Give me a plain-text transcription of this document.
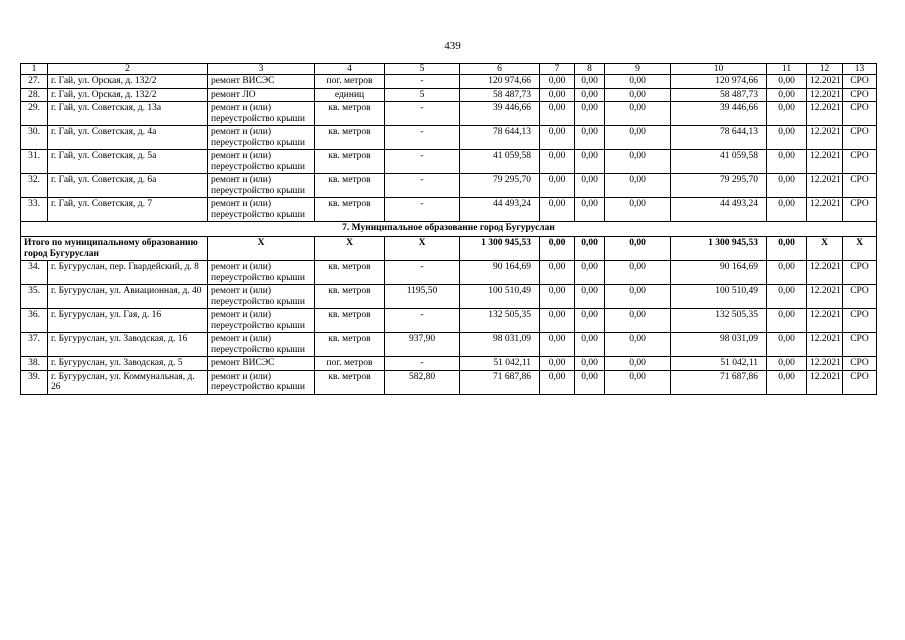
439
1	2	3	4	5	6	7	8	9	10	11	12	13
27.	г. Гай, ул. Орская, д. 132/2	ремонт ВИСЭС	пог. метров	-	120 974,66	0,00	0,00	0,00	120 974,66	0,00	12.2021	СРО
28.	г. Гай, ул. Орская, д. 132/2	ремонт ЛО	единиц	5	58 487,73	0,00	0,00	0,00	58 487,73	0,00	12.2021	СРО
29.	г. Гай, ул. Советская, д. 13а	ремонт и (или) переустройство крыши	кв. метров	-	39 446,66	0,00	0,00	0,00	39 446,66	0,00	12.2021	СРО
30.	г. Гай, ул. Советская, д. 4а	ремонт и (или) переустройство крыши	кв. метров	-	78 644,13	0,00	0,00	0,00	78 644,13	0,00	12.2021	СРО
31.	г. Гай, ул. Советская, д. 5а	ремонт и (или) переустройство крыши	кв. метров	-	41 059,58	0,00	0,00	0,00	41 059,58	0,00	12.2021	СРО
32.	г. Гай, ул. Советская, д. 6а	ремонт и (или) переустройство крыши	кв. метров	-	79 295,70	0,00	0,00	0,00	79 295,70	0,00	12.2021	СРО
33.	г. Гай, ул. Советская, д. 7	ремонт и (или) переустройство крыши	кв. метров	-	44 493,24	0,00	0,00	0,00	44 493,24	0,00	12.2021	СРО
7. Муниципальное образование город Бугуруслан												
Итого по муниципальному образованию город Бугуруслан		X	X	X	1 300 945,53	0,00	0,00	0,00	1 300 945,53	0,00	X	X
34.	г. Бугуруслан, пер. Гвардейский, д. 8	ремонт и (или) переустройство крыши	кв. метров	-	90 164,69	0,00	0,00	0,00	90 164,69	0,00	12.2021	СРО
35.	г. Бугуруслан, ул. Авиационная, д. 40	ремонт и (или) переустройство крыши	кв. метров	1195,50	100 510,49	0,00	0,00	0,00	100 510,49	0,00	12.2021	СРО
36.	г. Бугуруслан, ул. Гая, д. 16	ремонт и (или) переустройство крыши	кв. метров	-	132 505,35	0,00	0,00	0,00	132 505,35	0,00	12.2021	СРО
37.	г. Бугуруслан, ул. Заводская, д. 16	ремонт и (или) переустройство крыши	кв. метров	937,90	98 031,09	0,00	0,00	0,00	98 031,09	0,00	12.2021	СРО
38.	г. Бугуруслан, ул. Заводская, д. 5	ремонт ВИСЭС	пог. метров	-	51 042,11	0,00	0,00	0,00	51 042,11	0,00	12.2021	СРО
39.	г. Бугуруслан, ул. Коммунальная, д. 26	ремонт и (или) переустройство крыши	кв. метров	582,80	71 687,86	0,00	0,00	0,00	71 687,86	0,00	12.2021	СРО
